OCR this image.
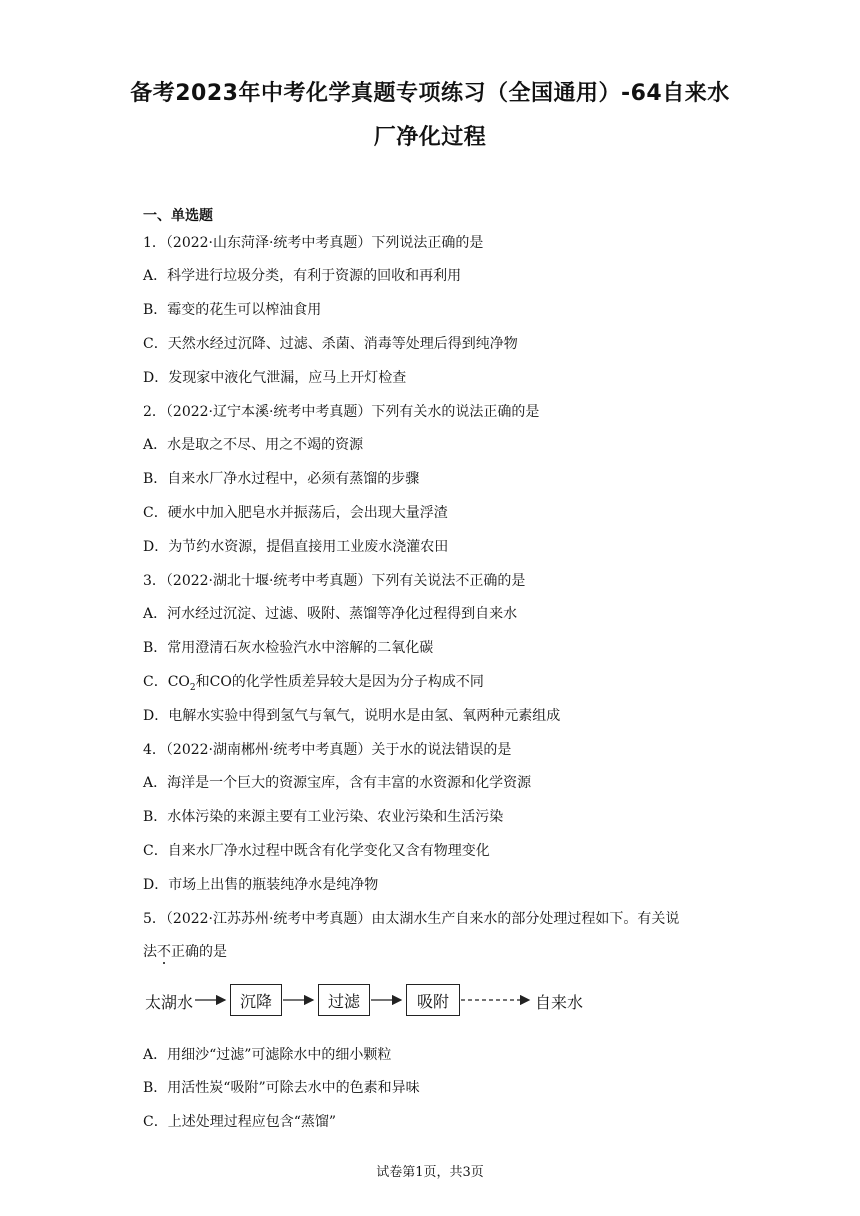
备考2023年中考化学真题专项练习（全国通用）-64自来水
厂净化过程
一、单选题
1．（2022·山东菏泽·统考中考真题）下列说法正确的是
A．科学进行垃圾分类，有利于资源的回收和再利用
B．霉变的花生可以榨油食用
C．天然水经过沉降、过滤、杀菌、消毒等处理后得到纯净物
D．发现家中液化气泄漏，应马上开灯检查
2．（2022·辽宁本溪·统考中考真题）下列有关水的说法正确的是
A．水是取之不尽、用之不竭的资源
B．自来水厂净水过程中，必须有蒸馏的步骤
C．硬水中加入肥皂水并振荡后，会出现大量浮渣
D．为节约水资源，提倡直接用工业废水浇灌农田
3．（2022·湖北十堰·统考中考真题）下列有关说法不正确的是
A．河水经过沉淀、过滤、吸附、蒸馏等净化过程得到自来水
B．常用澄清石灰水检验汽水中溶解的二氧化碳
C．$CO_2$和CO的化学性质差异较大是因为分子构成不同
D．电解水实验中得到氢气与氧气，说明水是由氢、氧两种元素组成
4．（2022·湖南郴州·统考中考真题）关于水的说法错误的是
A．海洋是一个巨大的资源宝库，含有丰富的水资源和化学资源
B．水体污染的来源主要有工业污染、农业污染和生活污染
C．自来水厂净水过程中既含有化学变化又含有物理变化
D．市场上出售的瓶装纯净水是纯净物
5．（2022·江苏苏州·统考中考真题）由太湖水生产自来水的部分处理过程如下。有关说
法不正确的是
太湖水	沉降	过滤	吸附	自来水
A．用细沙“过滤”可滤除水中的细小颗粒
B．用活性炭“吸附”可除去水中的色素和异味
C．上述处理过程应包含“蒸馏”
试卷第1页，共3页
